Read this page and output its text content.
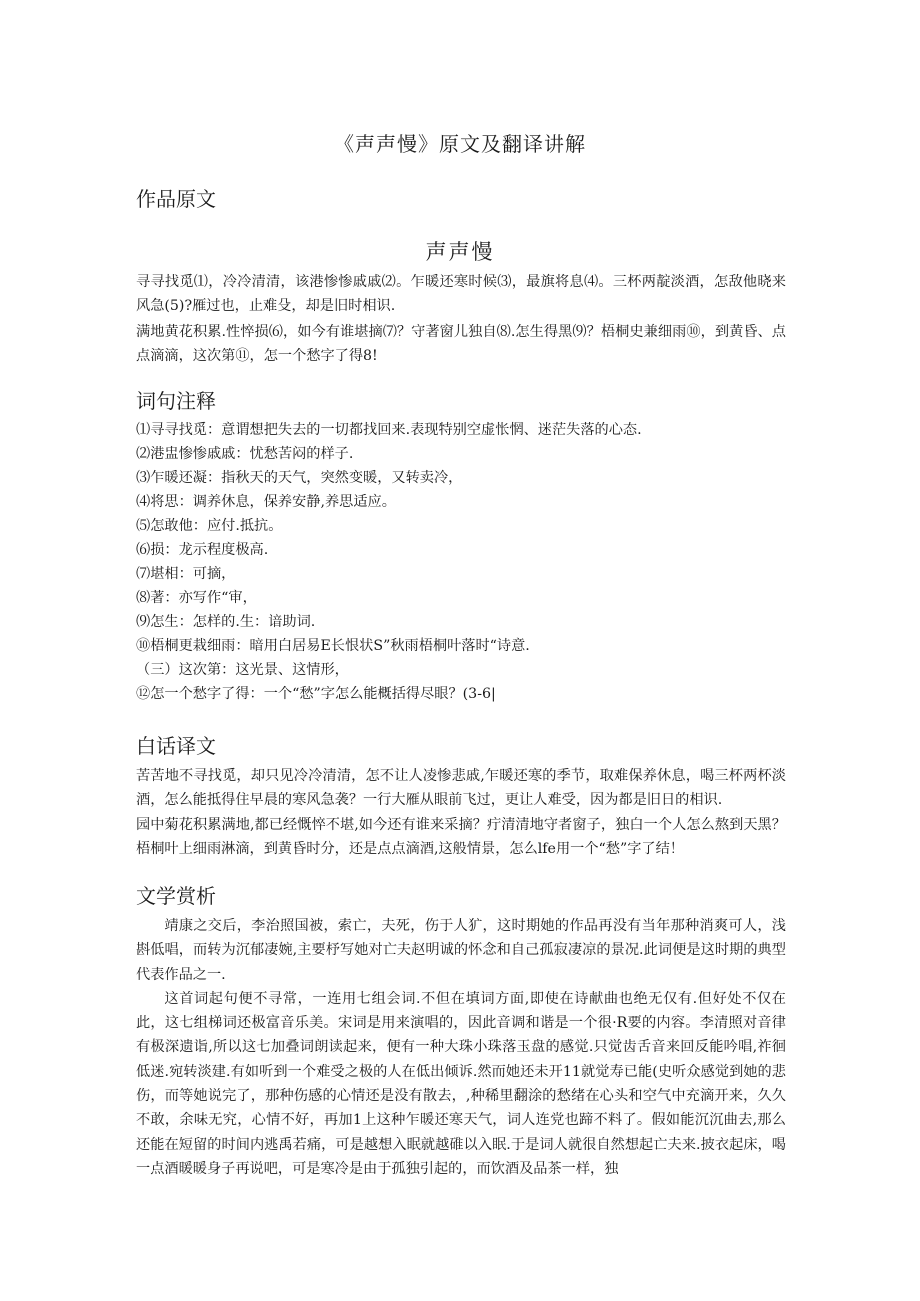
《声声慢》原文及翻译讲解
作品原文
声声慢
寻寻找觅⑴，冷冷清清，该港惨惨戚戚⑵。乍暖还寒时候⑶，最旗将息⑷。三杯两靛淡酒，怎敌他晓来风急(5)?雁过也，止难殳，却是旧时相识.
满地黄花积累.性悴损⑹，如今有谁堪摘⑺？守著窗儿独自⑻.怎生得黑⑼？梧桐史兼细雨⑩，到黄昏、点点滴滴，这次第⑪，怎一个愁字了得8!
词句注释
⑴寻寻找觅：意谓想把失去的一切都找回来.表现特别空虚怅惘、迷茫失落的心态.
⑵港盅惨惨戚戚：忧愁苦闷的样子.
⑶乍暖还凝：指秋天的天气，突然变暖，又转卖冷，
⑷将思：调养休息，保养安静,养思适应。
⑸怎敢他：应付.抵抗。
⑹损：龙示程度极高.
⑺堪相：可摘，
⑻著：亦写作“审，
⑼怎生：怎样的.生：谙助词.
⑩梧桐更栽细雨：暗用白居易E长恨状S”秋雨梧桐叶落时“诗意.
（三）这次第：这光景、这情形，
⑫怎一个愁字了得：一个“愁”字怎么能概括得尽眼？(3-6|
白话译文
苦苦地不寻找觅，却只见冷冷清清，怎不让人凌惨悲戚,乍暖还寒的季节，取难保养休息，喝三杯两杯淡酒，怎么能抵得住早晨的寒风急袭？一行大雁从眼前飞过，更让人难受，因为都是旧日的相识.
园中菊花积累满地,都已经慨悴不堪,如今还有谁来采摘？疔清清地守者窗子，独白一个人怎么熬到天黑？梧桐叶上细雨淋滴，到黄昏时分，还是点点滴酒,这般情景，怎么lfe用一个“愁”字了结！
文学赏析
靖康之交后，李治照国被，索亡，夫死，伤于人犷，这时期她的作品再没有当年那种消爽可人，浅斟低唱，而转为沉郁凄婉,主要杼写她对亡夫赵明诚的怀念和自己孤寂凄凉的景况.此词便是这时期的典型代表作品之一.
这首词起句便不寻常，一连用七组会词.不但在填词方面,即使在诗献曲也绝无仅有.但好处不仅在此，这七组梯词还极富音乐美。宋词是用来演唱的，因此音调和谐是一个很·R要的内容。李清照对音律有极深遗诣,所以这七加叠词朗读起来，便有一种大珠小珠落玉盘的感觉.只觉齿舌音来回反能吟唱,祚徊低迷.宛转淡建.有如听到一个难受之极的人在低出倾诉.然而她还未开11就觉寿已能(史听众感觉到她的悲伤，而等她说完了，那种伤感的心情还是没有散去，,种稀里翻涂的愁绪在心头和空气中充滴开来，久久不敢，余味无究，心情不好，再加1上这种乍暖还寒天气，词人连党也蹄不料了。假如能沉沉曲去,那么还能在短留的时间内逃禹若痛，可是越想入眠就越碓以入眠.于是词人就很自然想起亡夫来.披衣起床，喝一点酒暖暖身子再说吧，可是寒冷是由于孤独引起的，而饮酒及品茶一样，独
